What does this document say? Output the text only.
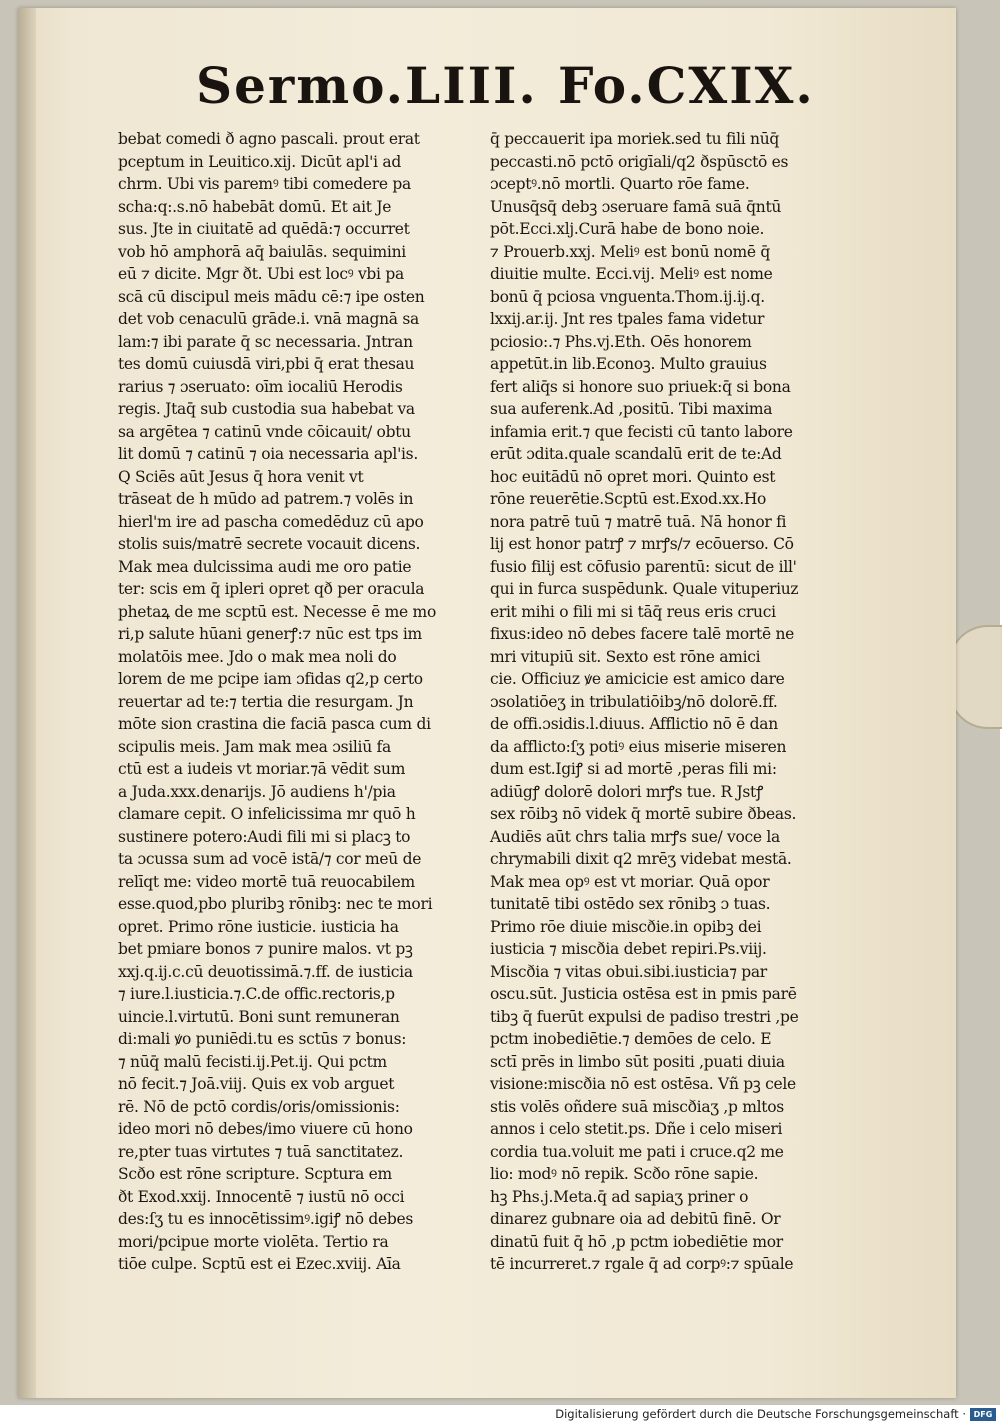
Sermo.LIII. Fo.CXIX.
bebat comedi ð agno pascali. prout erat
pceptum in Leuitico.xij. Dicūt apl'i ad
chrm. Ubi vis paremꝰ tibi comedere pa
scha:q:.s.nō habebāt domū. Et ait Je
sus. Jte in ciuitatē ad quēdā:⁊ occurret
vob hō amphorā aq̄ baiulās. sequimini
eū ⁊ dicite. Mgr ðt. Ubi est locꝰ vbi pa
scā cū discipul meis mādu cē:⁊ ipe osten
det vob cenaculū grāde.i. vnā magnā sa
lam:⁊ ibi parate q̄ sc necessaria. Jntran
tes domū cuiusdā viri,pbi q̄ erat thesau
rarius ⁊ ɔseruato: oīm iocaliū Herodis
regis. Jtaq̄ sub custodia sua habebat va
sa argētea ⁊ catinū vnde cōicauit/ obtu
lit domū ⁊ catinū ⁊ oia necessaria apl'is.
Q Sciēs aūt Jesus q̄ hora venit vt
trāseat de h mūdo ad patrem.⁊ volēs in
hierl'm ire ad pascha comedēduz cū apo
stolis suis/matrē secrete vocauit dicens.
Mak mea dulcissima audi me oro patie
ter: scis em q̄ ipleri opret qð per oracula
phetaꝝ de me scptū est. Necesse ē me mo
ri,p salute hūani generꝭ:⁊ nūc est tps im
molatōis mee. Jdo o mak mea noli do
lorem de me pcipe iam ɔfidas q2,p certo
reuertar ad te:⁊ tertia die resurgam. Jn
mōte sion crastina die faciā pasca cum di
scipulis meis. Jam mak mea ɔsiliū fa
ctū est a iudeis vt moriar.⁊ā vēdit sum
a Juda.xxx.denarijs. Jō audiens h'/pia
clamare cepit. O infelicissima mr quō h
sustinere potero:Audi fili mi si placꝫ to
ta ɔcussa sum ad vocē istā/⁊ cor meū de
relīqt me: video mortē tuā reuocabilem
esse.quod,pbo pluribꝫ rōnibꝫ: nec te mori
opret. Primo rōne iusticie. iusticia ha
bet pmiare bonos ⁊ punire malos. vt pꝫ
xxj.q.ij.c.cū deuotissimā.⁊.ff. de iusticia
⁊ iure.l.iusticia.⁊.C.de offic.rectoris,p
uincie.l.virtutū. Boni sunt remuneran
di:mali ꝟo puniēdi.tu es sctūs ⁊ bonus:
⁊ nūq̄ malū fecisti.ij.Pet.ij. Qui pctm
nō fecit.⁊ Joā.viij. Quis ex vob arguet
rē. Nō de pctō cordis/oris/omissionis:
ideo mori nō debes/imo viuere cū hono
re,pter tuas virtutes ⁊ tuā sanctitatez.
Scðo est rōne scripture. Scptura em
ðt Exod.xxij. Innocentē ⁊ iustū nō occi
des:ſʒ tu es innocētissimꝰ.igiꝭ nō debes
mori/pcipue morte violēta. Tertio ra
tiōe culpe. Scptū est ei Ezec.xviij. Aīa
q̄ peccauerit ipa moriek.sed tu fili nūq̄
peccasti.nō pctō origīali/q2 ðspūsctō es
ɔceptꝰ.nō mortli. Quarto rōe fame.
Unusq̄sq̄ debꝫ ɔseruare famā suā q̄ntū
pōt.Ecci.xlj.Curā habe de bono noie.
⁊ Prouerb.xxj. Meliꝰ est bonū nomē q̄
diuitie multe. Ecci.vij. Meliꝰ est nome
bonū q̄ pciosa vnguenta.Thom.ij.ij.q.
lxxij.ar.ij. Jnt res tpales fama videtur
pciosio:.⁊ Phs.vj.Eth. Oēs honorem
appetūt.in lib.Econoꝫ. Multo grauius
fert aliq̄s si honore suo priuek:q̄ si bona
sua auferenk.Ad ,positū. Tibi maxima
infamia erit.⁊ que fecisti cū tanto labore
erūt ɔdita.quale scandalū erit de te:Ad
hoc euitādū nō opret mori. Quinto est
rōne reuerētie.Scptū est.Exod.xx.Ho
nora patrē tuū ⁊ matrē tuā. Nā honor fi
lij est honor patrꝭ ⁊ mrꝭs/⁊ ecōuerso. Cō
fusio filij est cōfusio parentū: sicut de ill'
qui in furca suspēdunk. Quale vituperiuz
erit mihi o fili mi si tāq̄ reus eris cruci
fixus:ideo nō debes facere talē mortē ne
mri vitupiū sit. Sexto est rōne amici
cie. Officiuz ꝟe amicicie est amico dare
ɔsolatiōeʒ in tribulatiōibꝫ/nō dolorē.ff.
de offi.ɔsidis.l.diuus. Afflictio nō ē dan
da afflicto:ſʒ potiꝰ eius miserie miseren
dum est.Igiꝭ si ad mortē ,peras fili mi:
adiūgꝭ dolorē dolori mrꝭs tue. R Jstꝭ
sex rōibꝫ nō videk q̄ mortē subire ðbeas.
Audiēs aūt chrs talia mrꝭs sue/ voce la
chrymabili dixit q2 mrēʒ videbat mestā.
Mak mea opꝰ est vt moriar. Quā opor
tunitatē tibi ostēdo sex rōnibꝫ ɔ tuas.
Primo rōe diuie miscðie.in opibꝫ dei
iusticia ⁊ miscðia debet repiri.Ps.viij.
Miscðia ⁊ vitas obui.sibi.iusticia⁊ par
oscu.sūt. Justicia ostēsa est in pmis parē
tibꝫ q̄ fuerūt expulsi de padiso trestri ,pe
pctm inobediētie.⁊ demōes de celo. E
sctī prēs in limbo sūt positi ,puati diuia
visione:miscðia nō est ostēsa. Vñ pꝫ cele
stis volēs oñdere suā miscðiaʒ ,p mltos
annos i celo stetit.ps. Dñe i celo miseri
cordia tua.voluit me pati i cruce.q2 me
lio: modꝰ nō repik. Scðo rōne sapie.
hꝫ Phs.j.Meta.q̄ ad sapiaʒ priner o
dinarez gubnare oia ad debitū finē. Or
dinatū fuit q̄ hō ,p pctm iobediētie mor
tē incurreret.⁊ rgale q̄ ad corpꝰ:⁊ spūale
Digitalisierung gefördert durch die Deutsche Forschungsgemeinschaft · DFG
